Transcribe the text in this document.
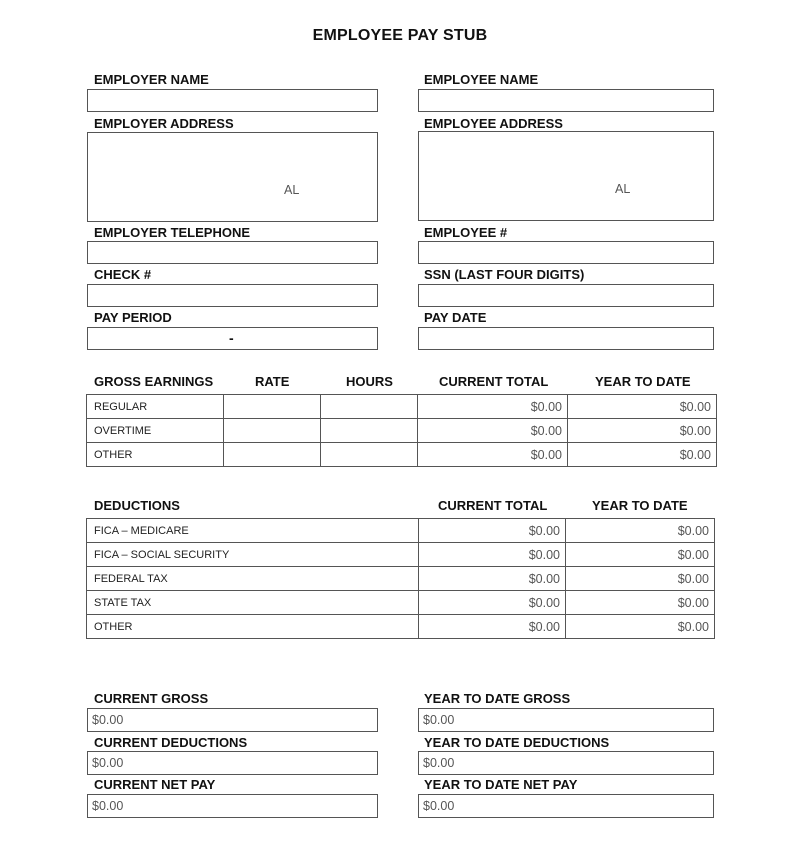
EMPLOYEE PAY STUB
EMPLOYER NAME
EMPLOYER ADDRESS
AL
EMPLOYER TELEPHONE
CHECK #
PAY PERIOD
-
EMPLOYEE NAME
EMPLOYEE ADDRESS
AL
EMPLOYEE #
SSN (LAST FOUR DIGITS)
PAY DATE
GROSS EARNINGS	RATE	HOURS	CURRENT TOTAL	YEAR TO DATE
REGULAR			$0.00	$0.00
OVERTIME			$0.00	$0.00
OTHER			$0.00	$0.00
DEDUCTIONS	CURRENT TOTAL	YEAR TO DATE
FICA – MEDICARE	$0.00	$0.00
FICA – SOCIAL SECURITY	$0.00	$0.00
FEDERAL TAX	$0.00	$0.00
STATE TAX	$0.00	$0.00
OTHER	$0.00	$0.00
CURRENT GROSS
$0.00
YEAR TO DATE GROSS
$0.00
CURRENT DEDUCTIONS
$0.00
YEAR TO DATE DEDUCTIONS
$0.00
CURRENT NET PAY
$0.00
YEAR TO DATE NET PAY
$0.00
